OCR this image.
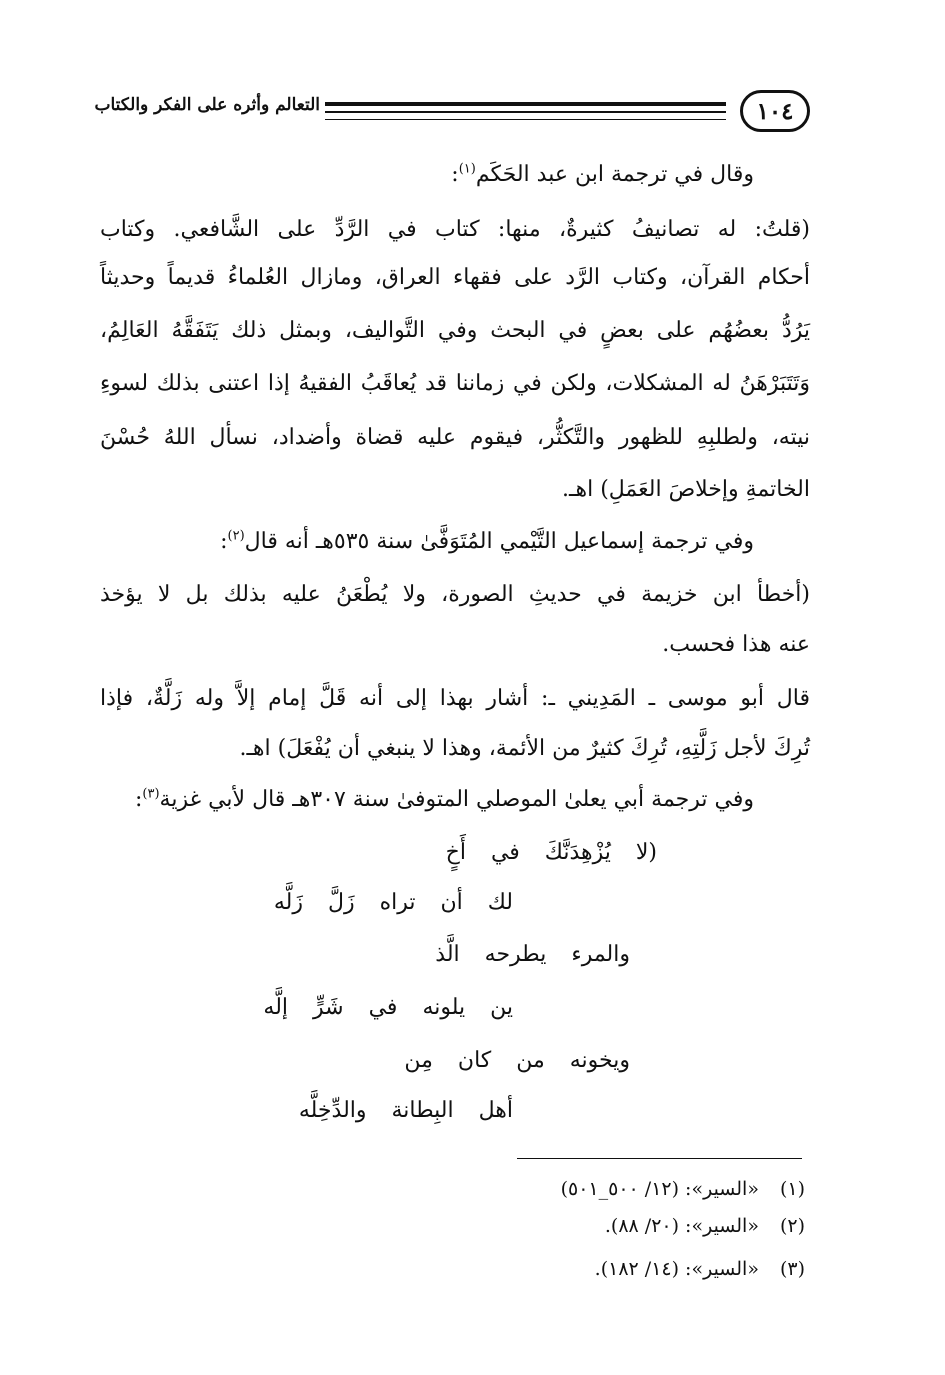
١٠٤
التعالم وأثره على الفكر والكتاب
وقال في ترجمة ابن عبد الحَكَم$^{(١)}$:
(قلتُ: له تصانيفُ كثيرةٌ، منها: كتاب في الرَّدِّ على الشَّافعي. وكتاب
أحكام القرآن، وكتاب الرَّد على فقهاء العراق، ومازال العُلماءُ قديماً وحديثاً
يَرُدُّ بعضُهُم على بعضٍ في البحث وفي التَّواليف، وبمثل ذلك يَتَفَقَّهُ العَالِمُ،
وَتَتَبَرْهَنُ له المشكلات، ولكن في زماننا قد يُعاقَبُ الفقيهُ إذا اعتنى بذلك لسوءِ
نيته، ولطلبِهِ للظهور والتَّكثُّر، فيقوم عليه قضاة وأضداد، نسأل اللهُ حُسْنَ
الخاتمةِ وإخلاصَ العَمَلِ) اهـ.
وفي ترجمة إسماعيل التَّيْمي المُتَوَفَّىٰ سنة ٥٣٥هـ أنه قال$^{(٢)}$:
(أخطأ ابن خزيمة في حديثِ الصورة، ولا يُطْعَنُ عليه بذلك بل لا يؤخذ
عنه هذا فحسب.
قال أبو موسى ـ المَدِيني ـ: أشار بهذا إلى أنه قَلَّ إمام إلاَّ وله زَلَّةٌ، فإذا
تُرِكَ لأجل زَلَّتِهِ، تُرِكَ كثيرٌ من الأئمة، وهذا لا ينبغي أن يُفْعَلَ) اهـ.
وفي ترجمة أبي يعلىٰ الموصلي المتوفىٰ سنة ٣٠٧هـ قال لأبي غزية$^{(٣)}$:
(لا يُزْهِدَنَّكَ في أَخٍ
لك أن تراه زَلَّ زَلَّه
والمرء يطرحه الَّذ
ين يلونه في شَرٍّ إلَّه
ويخونه من كان مِن
أهل البِطانة والدِّخِلَّه
(١) «السير»: (١٢/ ٥٠٠_٥٠١)
(٢) «السير»: (٢٠/ ٨٨).
(٣) «السير»: (١٤/ ١٨٢).
